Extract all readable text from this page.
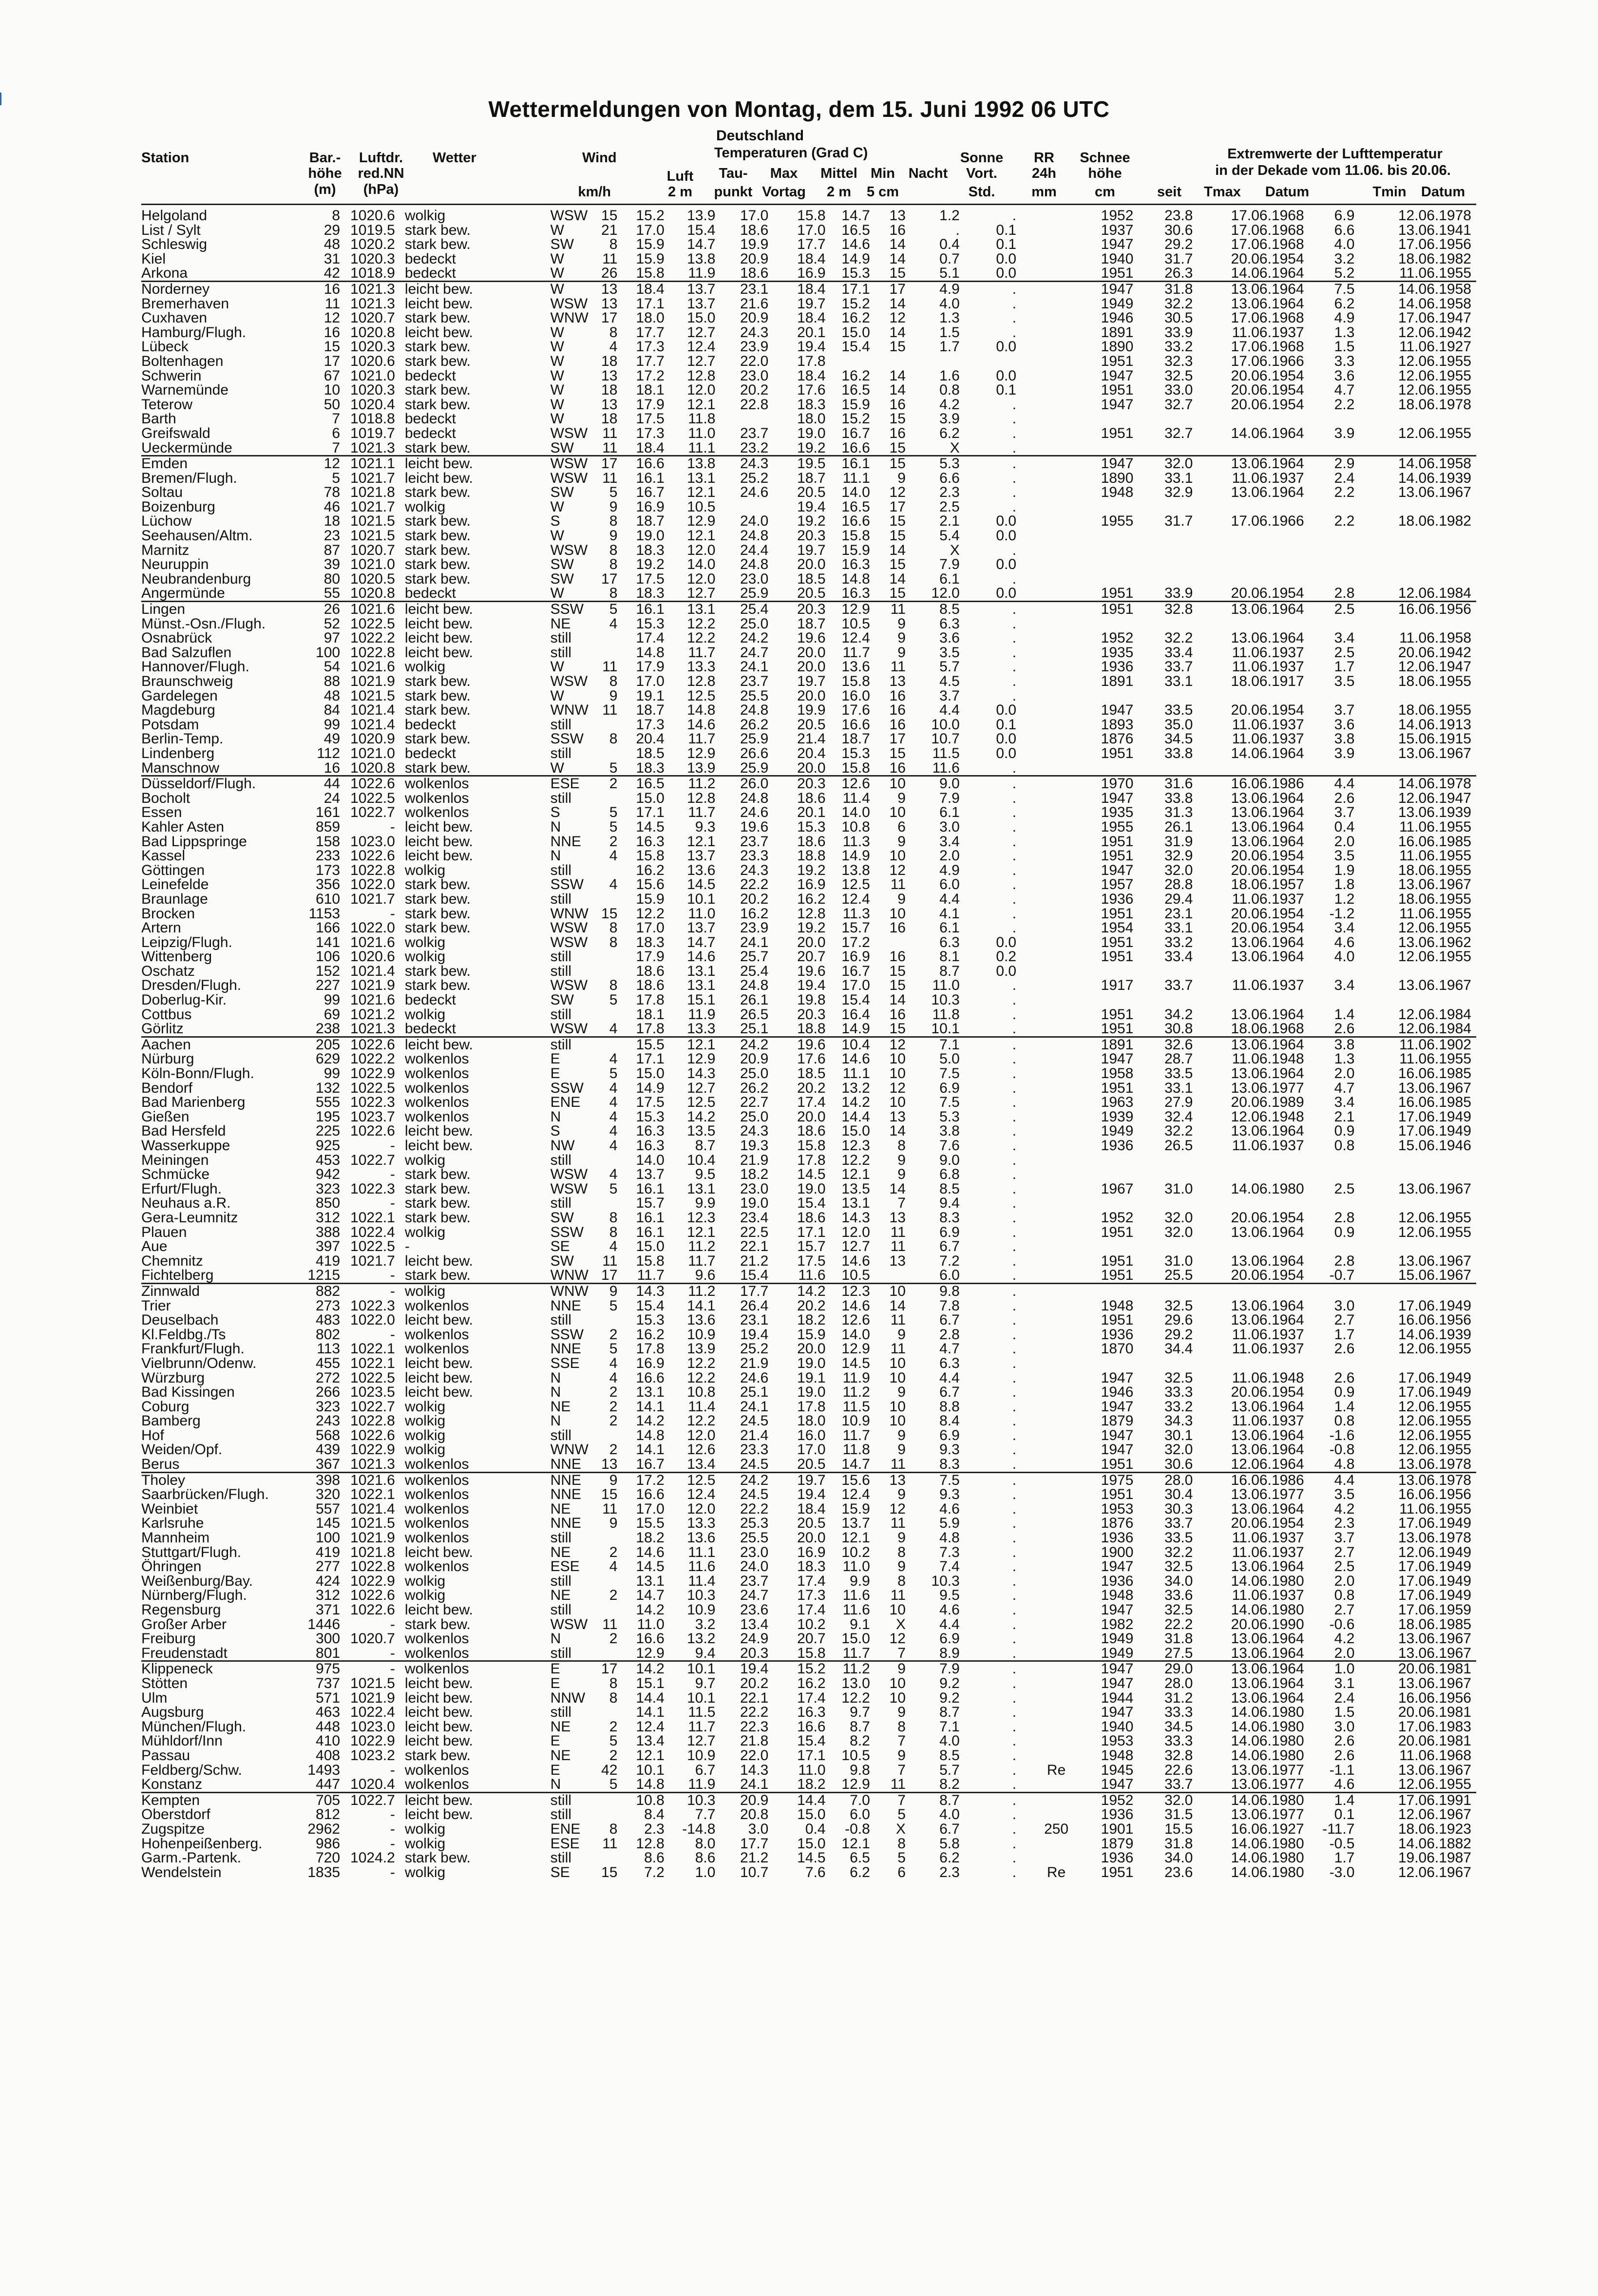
Wettermeldungen von Montag, dem 15. Juni 1992 06 UTC
Deutschland
Station	Bar.- Luftdr. Wetter	Wind	Temperaturen (Grad C)	Sonne RR Schnee	Extremwerte der Lufttemperatur
höhe red.NN	Luft Tau- Max Mittel Min Nacht Vort. 24h höhe	in der Dekade vom 11.06. bis 20.06.
(m) (hPa)	km/h	2 m punkt Vortag 2 m 5 cm	Std.	mm	cm	seit Tmax Datum	Tmin Datum
Helgoland	8	1020.6	wolkig	WSW	15	15.2	13.9	17.0	15.8	14.7	13	1.2	.		1952	23.8	17.06.1968	6.9	12.06.1978
List / Sylt	29	1019.5	stark bew.	W	21	17.0	15.4	18.6	17.0	16.5	16	.	0.1		1937	30.6	17.06.1968	6.6	13.06.1941
Schleswig	48	1020.2	stark bew.	SW	8	15.9	14.7	19.9	17.7	14.6	14	0.4	0.1		1947	29.2	17.06.1968	4.0	17.06.1956
Kiel	31	1020.3	bedeckt	W	11	15.9	13.8	20.9	18.4	14.9	14	0.7	0.0		1940	31.7	20.06.1954	3.2	18.06.1982
Arkona	42	1018.9	bedeckt	W	26	15.8	11.9	18.6	16.9	15.3	15	5.1	0.0		1951	26.3	14.06.1964	5.2	11.06.1955
Norderney	16	1021.3	leicht bew.	W	13	18.4	13.7	23.1	18.4	17.1	17	4.9	.		1947	31.8	13.06.1964	7.5	14.06.1958
Bremerhaven	11	1021.3	leicht bew.	WSW	13	17.1	13.7	21.6	19.7	15.2	14	4.0	.		1949	32.2	13.06.1964	6.2	14.06.1958
Cuxhaven	12	1020.7	stark bew.	WNW	17	18.0	15.0	20.9	18.4	16.2	12	1.3	.		1946	30.5	17.06.1968	4.9	17.06.1947
Hamburg/Flugh.	16	1020.8	leicht bew.	W	8	17.7	12.7	24.3	20.1	15.0	14	1.5	.		1891	33.9	11.06.1937	1.3	12.06.1942
Lübeck	15	1020.3	stark bew.	W	4	17.3	12.4	23.9	19.4	15.4	15	1.7	0.0		1890	33.2	17.06.1968	1.5	11.06.1927
Boltenhagen	17	1020.6	stark bew.	W	18	17.7	12.7	22.0	17.8						1951	32.3	17.06.1966	3.3	12.06.1955
Schwerin	67	1021.0	bedeckt	W	13	17.2	12.8	23.0	18.4	16.2	14	1.6	0.0		1947	32.5	20.06.1954	3.6	12.06.1955
Warnemünde	10	1020.3	stark bew.	W	18	18.1	12.0	20.2	17.6	16.5	14	0.8	0.1		1951	33.0	20.06.1954	4.7	12.06.1955
Teterow	50	1020.4	stark bew.	W	13	17.9	12.1	22.8	18.3	15.9	16	4.2	.		1947	32.7	20.06.1954	2.2	18.06.1978
Barth	7	1018.8	bedeckt	W	18	17.5	11.8		18.0	15.2	15	3.9	.						
Greifswald	6	1019.7	bedeckt	WSW	11	17.3	11.0	23.7	19.0	16.7	16	6.2	.		1951	32.7	14.06.1964	3.9	12.06.1955
Ueckermünde	7	1021.3	stark bew.	SW	11	18.4	11.1	23.2	19.2	16.6	15	X	.						
Emden	12	1021.1	leicht bew.	WSW	17	16.6	13.8	24.3	19.5	16.1	15	5.3	.		1947	32.0	13.06.1964	2.9	14.06.1958
Bremen/Flugh.	5	1021.7	leicht bew.	WSW	11	16.1	13.1	25.2	18.7	11.1	9	6.6	.		1890	33.1	11.06.1937	2.4	14.06.1939
Soltau	78	1021.8	stark bew.	SW	5	16.7	12.1	24.6	20.5	14.0	12	2.3	.		1948	32.9	13.06.1964	2.2	13.06.1967
Boizenburg	46	1021.7	wolkig	W	9	16.9	10.5		19.4	16.5	17	2.5	.						
Lüchow	18	1021.5	stark bew.	S	8	18.7	12.9	24.0	19.2	16.6	15	2.1	0.0		1955	31.7	17.06.1966	2.2	18.06.1982
Seehausen/Altm.	23	1021.5	stark bew.	W	9	19.0	12.1	24.8	20.3	15.8	15	5.4	0.0						
Marnitz	87	1020.7	stark bew.	WSW	8	18.3	12.0	24.4	19.7	15.9	14	X	.						
Neuruppin	39	1021.0	stark bew.	SW	8	19.2	14.0	24.8	20.0	16.3	15	7.9	0.0						
Neubrandenburg	80	1020.5	stark bew.	SW	17	17.5	12.0	23.0	18.5	14.8	14	6.1	.						
Angermünde	55	1020.8	bedeckt	W	8	18.3	12.7	25.9	20.5	16.3	15	12.0	0.0		1951	33.9	20.06.1954	2.8	12.06.1984
Lingen	26	1021.6	leicht bew.	SSW	5	16.1	13.1	25.4	20.3	12.9	11	8.5	.		1951	32.8	13.06.1964	2.5	16.06.1956
Münst.-Osn./Flugh.	52	1022.5	leicht bew.	NE	4	15.3	12.2	25.0	18.7	10.5	9	6.3	.						
Osnabrück	97	1022.2	leicht bew.	still		17.4	12.2	24.2	19.6	12.4	9	3.6	.		1952	32.2	13.06.1964	3.4	11.06.1958
Bad Salzuflen	100	1022.8	leicht bew.	still		14.8	11.7	24.7	20.0	11.7	9	3.5	.		1935	33.4	11.06.1937	2.5	20.06.1942
Hannover/Flugh.	54	1021.6	wolkig	W	11	17.9	13.3	24.1	20.0	13.6	11	5.7	.		1936	33.7	11.06.1937	1.7	12.06.1947
Braunschweig	88	1021.9	stark bew.	WSW	8	17.0	12.8	23.7	19.7	15.8	13	4.5	.		1891	33.1	18.06.1917	3.5	18.06.1955
Gardelegen	48	1021.5	stark bew.	W	9	19.1	12.5	25.5	20.0	16.0	16	3.7	.						
Magdeburg	84	1021.4	stark bew.	WNW	11	18.7	14.8	24.8	19.9	17.6	16	4.4	0.0		1947	33.5	20.06.1954	3.7	18.06.1955
Potsdam	99	1021.4	bedeckt	still		17.3	14.6	26.2	20.5	16.6	16	10.0	0.1		1893	35.0	11.06.1937	3.6	14.06.1913
Berlin-Temp.	49	1020.9	stark bew.	SSW	8	20.4	11.7	25.9	21.4	18.7	17	10.7	0.0		1876	34.5	11.06.1937	3.8	15.06.1915
Lindenberg	112	1021.0	bedeckt	still		18.5	12.9	26.6	20.4	15.3	15	11.5	0.0		1951	33.8	14.06.1964	3.9	13.06.1967
Manschnow	16	1020.8	stark bew.	W	5	18.3	13.9	25.9	20.0	15.8	16	11.6	.						
Düsseldorf/Flugh.	44	1022.6	wolkenlos	ESE	2	16.5	11.2	26.0	20.3	12.6	10	9.0	.		1970	31.6	16.06.1986	4.4	14.06.1978
Bocholt	24	1022.5	wolkenlos	still		15.0	12.8	24.8	18.6	11.4	9	7.9	.		1947	33.8	13.06.1964	2.6	12.06.1947
Essen	161	1022.7	wolkenlos	S	5	17.1	11.7	24.6	20.1	14.0	10	6.1	.		1935	31.3	13.06.1964	3.7	13.06.1939
Kahler Asten	859	-	leicht bew.	N	5	14.5	9.3	19.6	15.3	10.8	6	3.0	.		1955	26.1	13.06.1964	0.4	11.06.1955
Bad Lippspringe	158	1023.0	leicht bew.	NNE	2	16.3	12.1	23.7	18.6	11.3	9	3.4	.		1951	31.9	13.06.1964	2.0	16.06.1985
Kassel	233	1022.6	leicht bew.	N	4	15.8	13.7	23.3	18.8	14.9	10	2.0	.		1951	32.9	20.06.1954	3.5	11.06.1955
Göttingen	173	1022.8	wolkig	still		16.2	13.6	24.3	19.2	13.8	12	4.9	.		1947	32.0	20.06.1954	1.9	18.06.1955
Leinefelde	356	1022.0	stark bew.	SSW	4	15.6	14.5	22.2	16.9	12.5	11	6.0	.		1957	28.8	18.06.1957	1.8	13.06.1967
Braunlage	610	1021.7	stark bew.	still		15.9	10.1	20.2	16.2	12.4	9	4.4	.		1936	29.4	11.06.1937	1.2	18.06.1955
Brocken	1153	-	stark bew.	WNW	15	12.2	11.0	16.2	12.8	11.3	10	4.1	.		1951	23.1	20.06.1954	-1.2	11.06.1955
Artern	166	1022.0	stark bew.	WSW	8	17.0	13.7	23.9	19.2	15.7	16	6.1	.		1954	33.1	20.06.1954	3.4	12.06.1955
Leipzig/Flugh.	141	1021.6	wolkig	WSW	8	18.3	14.7	24.1	20.0	17.2		6.3	0.0		1951	33.2	13.06.1964	4.6	13.06.1962
Wittenberg	106	1020.6	wolkig	still		17.9	14.6	25.7	20.7	16.9	16	8.1	0.2		1951	33.4	13.06.1964	4.0	12.06.1955
Oschatz	152	1021.4	stark bew.	still		18.6	13.1	25.4	19.6	16.7	15	8.7	0.0						
Dresden/Flugh.	227	1021.9	stark bew.	WSW	8	18.6	13.1	24.8	19.4	17.0	15	11.0	.		1917	33.7	11.06.1937	3.4	13.06.1967
Doberlug-Kir.	99	1021.6	bedeckt	SW	5	17.8	15.1	26.1	19.8	15.4	14	10.3	.						
Cottbus	69	1021.2	wolkig	still		18.1	11.9	26.5	20.3	16.4	16	11.8	.		1951	34.2	13.06.1964	1.4	12.06.1984
Görlitz	238	1021.3	bedeckt	WSW	4	17.8	13.3	25.1	18.8	14.9	15	10.1	.		1951	30.8	18.06.1968	2.6	12.06.1984
Aachen	205	1022.6	leicht bew.	still		15.5	12.1	24.2	19.6	10.4	12	7.1	.		1891	32.6	13.06.1964	3.8	11.06.1902
Nürburg	629	1022.2	wolkenlos	E	4	17.1	12.9	20.9	17.6	14.6	10	5.0	.		1947	28.7	11.06.1948	1.3	11.06.1955
Köln-Bonn/Flugh.	99	1022.9	wolkenlos	E	5	15.0	14.3	25.0	18.5	11.1	10	7.5	.		1958	33.5	13.06.1964	2.0	16.06.1985
Bendorf	132	1022.5	wolkenlos	SSW	4	14.9	12.7	26.2	20.2	13.2	12	6.9	.		1951	33.1	13.06.1977	4.7	13.06.1967
Bad Marienberg	555	1022.3	wolkenlos	ENE	4	17.5	12.5	22.7	17.4	14.2	10	7.5	.		1963	27.9	20.06.1989	3.4	16.06.1985
Gießen	195	1023.7	wolkenlos	N	4	15.3	14.2	25.0	20.0	14.4	13	5.3	.		1939	32.4	12.06.1948	2.1	17.06.1949
Bad Hersfeld	225	1022.6	leicht bew.	S	4	16.3	13.5	24.3	18.6	15.0	14	3.8	.		1949	32.2	13.06.1964	0.9	17.06.1949
Wasserkuppe	925	-	leicht bew.	NW	4	16.3	8.7	19.3	15.8	12.3	8	7.6	.		1936	26.5	11.06.1937	0.8	15.06.1946
Meiningen	453	1022.7	wolkig	still		14.0	10.4	21.9	17.8	12.2	9	9.0	.						
Schmücke	942	-	stark bew.	WSW	4	13.7	9.5	18.2	14.5	12.1	9	6.8	.						
Erfurt/Flugh.	323	1022.3	stark bew.	WSW	5	16.1	13.1	23.0	19.0	13.5	14	8.5	.		1967	31.0	14.06.1980	2.5	13.06.1967
Neuhaus a.R.	850	-	stark bew.	still		15.7	9.9	19.0	15.4	13.1	7	9.4	.						
Gera-Leumnitz	312	1022.1	stark bew.	SW	8	16.1	12.3	23.4	18.6	14.3	13	8.3	.		1952	32.0	20.06.1954	2.8	12.06.1955
Plauen	388	1022.4	wolkig	SSW	8	16.1	12.1	22.5	17.1	12.0	11	6.9	.		1951	32.0	13.06.1964	0.9	12.06.1955
Aue	397	1022.5	-	SE	4	15.0	11.2	22.1	15.7	12.7	11	6.7	.						
Chemnitz	419	1021.7	leicht bew.	SW	11	15.8	11.7	21.2	17.5	14.6	13	7.2	.		1951	31.0	13.06.1964	2.8	13.06.1967
Fichtelberg	1215	-	stark bew.	WNW	17	11.7	9.6	15.4	11.6	10.5		6.0	.		1951	25.5	20.06.1954	-0.7	15.06.1967
Zinnwald	882	-	wolkig	WNW	9	14.3	11.2	17.7	14.2	12.3	10	9.8	.						
Trier	273	1022.3	wolkenlos	NNE	5	15.4	14.1	26.4	20.2	14.6	14	7.8	.		1948	32.5	13.06.1964	3.0	17.06.1949
Deuselbach	483	1022.0	leicht bew.	still		15.3	13.6	23.1	18.2	12.6	11	6.7	.		1951	29.6	13.06.1964	2.7	16.06.1956
Kl.Feldbg./Ts	802	-	wolkenlos	SSW	2	16.2	10.9	19.4	15.9	14.0	9	2.8	.		1936	29.2	11.06.1937	1.7	14.06.1939
Frankfurt/Flugh.	113	1022.1	wolkenlos	NNE	5	17.8	13.9	25.2	20.0	12.9	11	4.7	.		1870	34.4	11.06.1937	2.6	12.06.1955
Vielbrunn/Odenw.	455	1022.1	leicht bew.	SSE	4	16.9	12.2	21.9	19.0	14.5	10	6.3	.						
Würzburg	272	1022.5	leicht bew.	N	4	16.6	12.2	24.6	19.1	11.9	10	4.4	.		1947	32.5	11.06.1948	2.6	17.06.1949
Bad Kissingen	266	1023.5	leicht bew.	N	2	13.1	10.8	25.1	19.0	11.2	9	6.7	.		1946	33.3	20.06.1954	0.9	17.06.1949
Coburg	323	1022.7	wolkig	NE	2	14.1	11.4	24.1	17.8	11.5	10	8.8	.		1947	33.2	13.06.1964	1.4	12.06.1955
Bamberg	243	1022.8	wolkig	N	2	14.2	12.2	24.5	18.0	10.9	10	8.4	.		1879	34.3	11.06.1937	0.8	12.06.1955
Hof	568	1022.6	wolkig	still		14.8	12.0	21.4	16.0	11.7	9	6.9	.		1947	30.1	13.06.1964	-1.6	12.06.1955
Weiden/Opf.	439	1022.9	wolkig	WNW	2	14.1	12.6	23.3	17.0	11.8	9	9.3	.		1947	32.0	13.06.1964	-0.8	12.06.1955
Berus	367	1021.3	wolkenlos	NNE	13	16.7	13.4	24.5	20.5	14.7	11	8.3	.		1951	30.6	12.06.1964	4.8	13.06.1978
Tholey	398	1021.6	wolkenlos	NNE	9	17.2	12.5	24.2	19.7	15.6	13	7.5	.		1975	28.0	16.06.1986	4.4	13.06.1978
Saarbrücken/Flugh.	320	1022.1	wolkenlos	NNE	15	16.6	12.4	24.5	19.4	12.4	9	9.3	.		1951	30.4	13.06.1977	3.5	16.06.1956
Weinbiet	557	1021.4	wolkenlos	NE	11	17.0	12.0	22.2	18.4	15.9	12	4.6	.		1953	30.3	13.06.1964	4.2	11.06.1955
Karlsruhe	145	1021.5	wolkenlos	NNE	9	15.5	13.3	25.3	20.5	13.7	11	5.9	.		1876	33.7	20.06.1954	2.3	17.06.1949
Mannheim	100	1021.9	wolkenlos	still		18.2	13.6	25.5	20.0	12.1	9	4.8	.		1936	33.5	11.06.1937	3.7	13.06.1978
Stuttgart/Flugh.	419	1021.8	leicht bew.	NE	2	14.6	11.1	23.0	16.9	10.2	8	7.3	.		1900	32.2	11.06.1937	2.7	12.06.1949
Öhringen	277	1022.8	wolkenlos	ESE	4	14.5	11.6	24.0	18.3	11.0	9	7.4	.		1947	32.5	13.06.1964	2.5	17.06.1949
Weißenburg/Bay.	424	1022.9	wolkig	still		13.1	11.4	23.7	17.4	9.9	8	10.3	.		1936	34.0	14.06.1980	2.0	17.06.1949
Nürnberg/Flugh.	312	1022.6	wolkig	NE	2	14.7	10.3	24.7	17.3	11.6	11	9.5	.		1948	33.6	11.06.1937	0.8	17.06.1949
Regensburg	371	1022.6	leicht bew.	still		14.2	10.9	23.6	17.4	11.6	10	4.6	.		1947	32.5	14.06.1980	2.7	17.06.1959
Großer Arber	1446	-	stark bew.	WSW	11	11.0	3.2	13.4	10.2	9.1	X	4.4	.		1982	22.2	20.06.1990	-0.6	18.06.1985
Freiburg	300	1020.7	wolkenlos	N	2	16.6	13.2	24.9	20.7	15.0	12	6.9	.		1949	31.8	13.06.1964	4.2	13.06.1967
Freudenstadt	801	-	wolkenlos	still		12.9	9.4	20.3	15.8	11.7	7	8.9	.		1949	27.5	13.06.1964	2.0	13.06.1967
Klippeneck	975	-	wolkenlos	E	17	14.2	10.1	19.4	15.2	11.2	9	7.9	.		1947	29.0	13.06.1964	1.0	20.06.1981
Stötten	737	1021.5	leicht bew.	E	8	15.1	9.7	20.2	16.2	13.0	10	9.2	.		1947	28.0	13.06.1964	3.1	13.06.1967
Ulm	571	1021.9	leicht bew.	NNW	8	14.4	10.1	22.1	17.4	12.2	10	9.2	.		1944	31.2	13.06.1964	2.4	16.06.1956
Augsburg	463	1022.4	leicht bew.	still		14.1	11.5	22.2	16.3	9.7	9	8.7	.		1947	33.3	14.06.1980	1.5	20.06.1981
München/Flugh.	448	1023.0	leicht bew.	NE	2	12.4	11.7	22.3	16.6	8.7	8	7.1	.		1940	34.5	14.06.1980	3.0	17.06.1983
Mühldorf/Inn	410	1022.9	leicht bew.	E	5	13.4	12.7	21.8	15.4	8.2	7	4.0	.		1953	33.3	14.06.1980	2.6	20.06.1981
Passau	408	1023.2	stark bew.	NE	2	12.1	10.9	22.0	17.1	10.5	9	8.5	.		1948	32.8	14.06.1980	2.6	11.06.1968
Feldberg/Schw.	1493	-	wolkenlos	E	42	10.1	6.7	14.3	11.0	9.8	7	5.7	.	Re	1945	22.6	13.06.1977	-1.1	13.06.1967
Konstanz	447	1020.4	wolkenlos	N	5	14.8	11.9	24.1	18.2	12.9	11	8.2	.		1947	33.7	13.06.1977	4.6	12.06.1955
Kempten	705	1022.7	leicht bew.	still		10.8	10.3	20.9	14.4	7.0	7	8.7	.		1952	32.0	14.06.1980	1.4	17.06.1991
Oberstdorf	812	-	leicht bew.	still		8.4	7.7	20.8	15.0	6.0	5	4.0	.		1936	31.5	13.06.1977	0.1	12.06.1967
Zugspitze	2962	-	wolkig	ENE	8	2.3	-14.8	3.0	0.4	-0.8	X	6.7	.	250	1901	15.5	16.06.1927	-11.7	18.06.1923
Hohenpeißenberg.	986	-	wolkig	ESE	11	12.8	8.0	17.7	15.0	12.1	8	5.8	.		1879	31.8	14.06.1980	-0.5	14.06.1882
Garm.-Partenk.	720	1024.2	stark bew.	still		8.6	8.6	21.2	14.5	6.5	5	6.2	.		1936	34.0	14.06.1980	1.7	19.06.1987
Wendelstein	1835	-	wolkig	SE	15	7.2	1.0	10.7	7.6	6.2	6	2.3	.	Re	1951	23.6	14.06.1980	-3.0	12.06.1967
